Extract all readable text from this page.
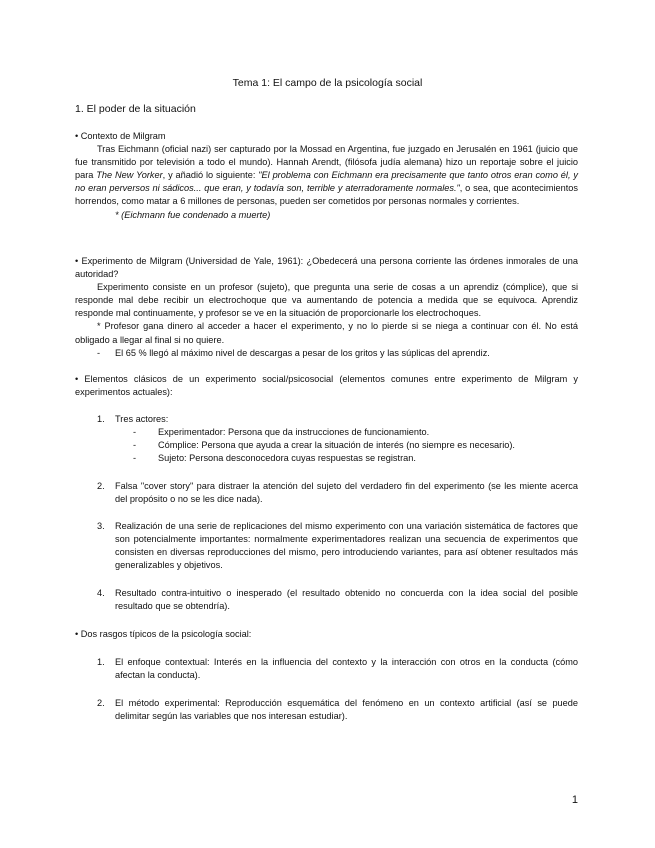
Tema 1: El campo de la psicología social
1. El poder de la situación

• Contexto de Milgram

Tras Eichmann (oficial nazi) ser capturado por la Mossad en Argentina, fue juzgado en Jerusalén en 1961 (juicio que fue transmitido por televisión a todo el mundo). Hannah Arendt, (filósofa judía alemana) hizo un reportaje sobre el juicio para The New Yorker, y añadió lo siguiente: "El problema con Eichmann era precisamente que tanto otros eran como él, y no eran perversos ni sádicos... que eran, y todavía son, terrible y aterradoramente normales.", o sea, que acontecimientos horrendos, como matar a 6 millones de personas, pueden ser cometidos por personas normales y corrientes.

* (Eichmann fue condenado a muerte)

• Experimento de Milgram (Universidad de Yale, 1961): ¿Obedecerá una persona corriente las órdenes inmorales de una autoridad?

Experimento consiste en un profesor (sujeto), que pregunta una serie de cosas a un aprendiz (cómplice), que si responde mal debe recibir un electrochoque que va aumentando de potencia a medida que se equivoca. Aprendiz responde mal continuamente, y profesor se ve en la situación de proporcionarle los electrochoques.

* Profesor gana dinero al acceder a hacer el experimento, y no lo pierde si se niega a continuar con él. No está obligado a llegar al final si no quiere.

- El 65 % llegó al máximo nivel de descargas a pesar de los gritos y las súplicas del aprendiz.

• Elementos clásicos de un experimento social/psicosocial (elementos comunes entre experimento de Milgram y experimentos actuales):

1. Tres actores:

- Experimentador: Persona que da instrucciones de funcionamiento.

- Cómplice: Persona que ayuda a crear la situación de interés (no siempre es necesario).

- Sujeto: Persona desconocedora cuyas respuestas se registran.

2. Falsa "cover story" para distraer la atención del sujeto del verdadero fin del experimento (se les miente acerca del propósito o no se les dice nada).

3. Realización de una serie de replicaciones del mismo experimento con una variación sistemática de factores que son potencialmente importantes: normalmente experimentadores realizan una secuencia de experimentos que consisten en diversas reproducciones del mismo, pero introduciendo variantes, para así obtener resultados más generalizables y objetivos.

4. Resultado contra-intuitivo o inesperado (el resultado obtenido no concuerda con la idea social del posible resultado que se obtendría).

• Dos rasgos típicos de la psicología social:

1. El enfoque contextual: Interés en la influencia del contexto y la interacción con otros en la conducta (cómo afectan la conducta).

2. El método experimental: Reproducción esquemática del fenómeno en un contexto artificial (así se puede delimitar según las variables que nos interesan estudiar).

1
